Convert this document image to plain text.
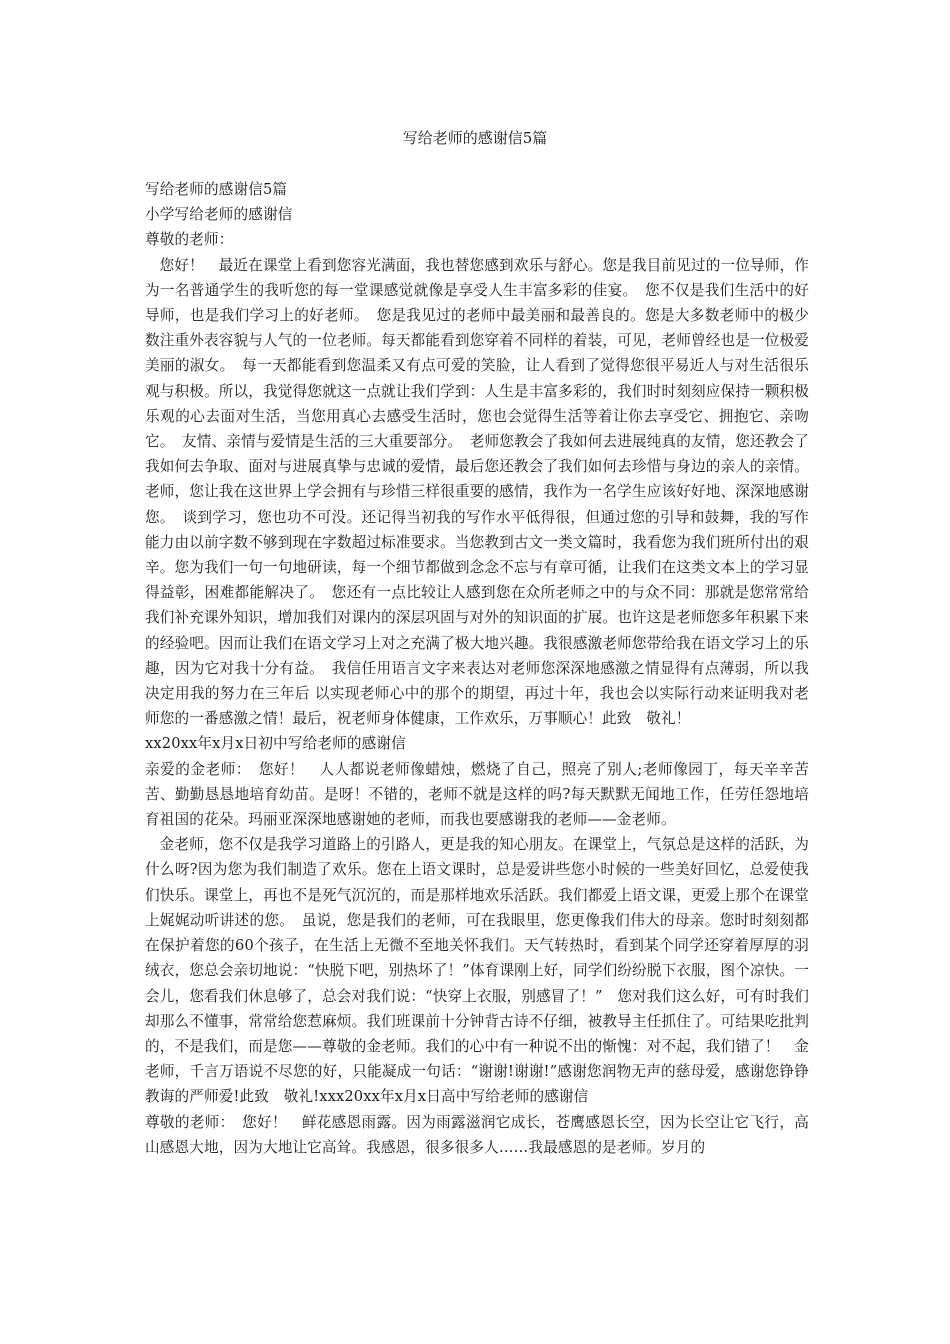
写给老师的感谢信5篇

写给老师的感谢信5篇

小学写给老师的感谢信

尊敬的老师：

您好！　最近在课堂上看到您容光满面，我也替您感到欢乐与舒心。您是我目前见过的一位导师，作为一名普通学生的我听您的每一堂课感觉就像是享受人生丰富多彩的佳宴。　您不仅是我们生活中的好导师，也是我们学习上的好老师。　您是我见过的老师中最美丽和最善良的。您是大多数老师中的极少数注重外表容貌与人气的一位老师。每天都能看到您穿着不同样的着装，可见，老师曾经也是一位极爱美丽的淑女。　每一天都能看到您温柔又有点可爱的笑脸，让人看到了觉得您很平易近人与对生活很乐观与积极。所以，我觉得您就这一点就让我们学到：人生是丰富多彩的，我们时时刻刻应保持一颗积极乐观的心去面对生活，当您用真心去感受生活时，您也会觉得生活等着让你去享受它、拥抱它、亲吻它。　友情、亲情与爱情是生活的三大重要部分。　老师您教会了我如何去进展纯真的友情，您还教会了我如何去争取、面对与进展真挚与忠诚的爱情，最后您还教会了我们如何去珍惜与身边的亲人的亲情。老师，您让我在这世界上学会拥有与珍惜三样很重要的感情，我作为一名学生应该好好地、深深地感谢您。　谈到学习，您也功不可没。还记得当初我的写作水平低得很，但通过您的引导和鼓舞，我的写作能力由以前字数不够到现在字数超过标准要求。当您教到古文一类文篇时，我看您为我们班所付出的艰辛。您为我们一句一句地研读，每一个细节都做到念念不忘与有章可循，让我们在这类文本上的学习显得益彰，困难都能解决了。　您还有一点比较让人感到您在众所老师之中的与众不同：那就是您常常给我们补充课外知识，增加我们对课内的深层巩固与对外的知识面的扩展。也许这是老师您多年积累下来的经验吧。因而让我们在语文学习上对之充满了极大地兴趣。我很感激老师您带给我在语文学习上的乐趣，因为它对我十分有益。　我信任用语言文字来表达对老师您深深地感激之情显得有点薄弱，所以我决定用我的努力在三年后 以实现老师心中的那个的期望，再过十年，我也会以实际行动来证明我对老师您的一番感激之情！最后，祝老师身体健康，工作欢乐，万事顺心！此致　敬礼！

xx20xx年x月x日初中写给老师的感谢信

亲爱的金老师：　您好！　人人都说老师像蜡烛，燃烧了自己，照亮了别人;老师像园丁，每天辛辛苦苦、勤勤恳恳地培育幼苗。是呀！不错的，老师不就是这样的吗?每天默默无闻地工作，任劳任怨地培育祖国的花朵。玛丽亚深深地感谢她的老师，而我也要感谢我的老师——金老师。

金老师，您不仅是我学习道路上的引路人，更是我的知心朋友。在课堂上，气氛总是这样的活跃，为什么呀?因为您为我们制造了欢乐。您在上语文课时，总是爱讲些您小时候的一些美好回忆，总爱使我们快乐。课堂上，再也不是死气沉沉的，而是那样地欢乐活跃。我们都爱上语文课，更爱上那个在课堂上娓娓动听讲述的您。　虽说，您是我们的老师，可在我眼里，您更像我们伟大的母亲。您时时刻刻都在保护着您的60个孩子，在生活上无微不至地关怀我们。天气转热时，看到某个同学还穿着厚厚的羽绒衣，您总会亲切地说：“快脱下吧，别热坏了！”体育课刚上好，同学们纷纷脱下衣服，图个凉快。一会儿，您看我们休息够了，总会对我们说：“快穿上衣服，别感冒了！”　您对我们这么好，可有时我们却那么不懂事，常常给您惹麻烦。我们班课前十分钟背古诗不仔细，被教导主任抓住了。可结果吃批判的，不是我们，而是您——尊敬的金老师。我们的心中有一种说不出的惭愧：对不起，我们错了！　金老师，千言万语说不尽您的好，只能凝成一句话：“谢谢!谢谢!”感谢您润物无声的慈母爱，感谢您铮铮教诲的严师爱!此致　敬礼!xxx20xx年x月x日高中写给老师的感谢信

尊敬的老师：　您好！　鲜花感恩雨露。因为雨露滋润它成长，苍鹰感恩长空，因为长空让它飞行，高山感恩大地，因为大地让它高耸。我感恩，很多很多人……我最感恩的是老师。岁月的
